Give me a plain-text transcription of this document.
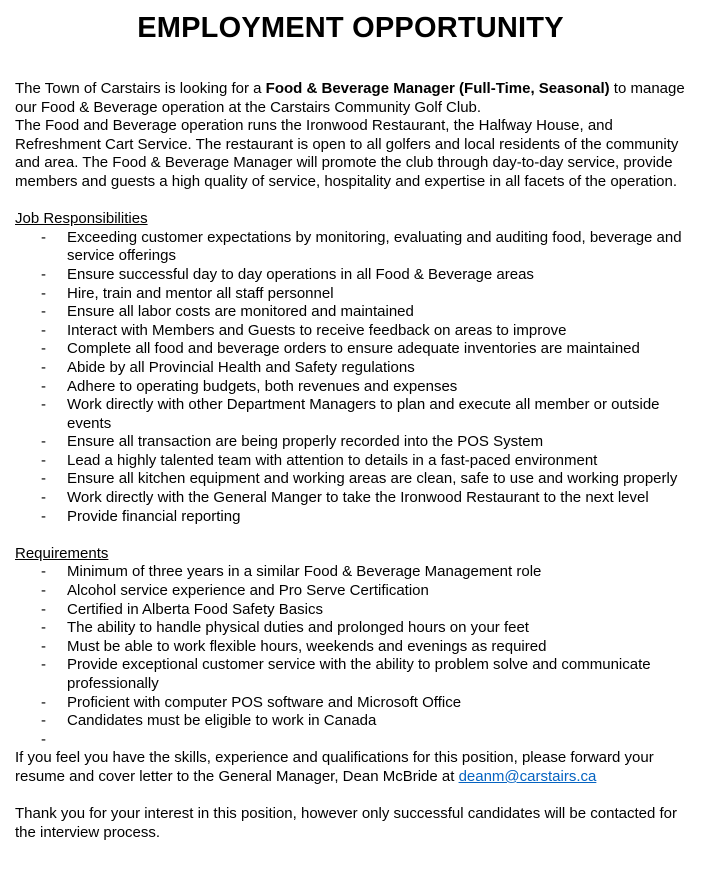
EMPLOYMENT OPPORTUNITY

The Town of Carstairs is looking for a Food & Beverage Manager (Full-Time, Seasonal) to manage our Food & Beverage operation at the Carstairs Community Golf Club.

The Food and Beverage operation runs the Ironwood Restaurant, the Halfway House, and Refreshment Cart Service. The restaurant is open to all golfers and local residents of the community and area. The Food & Beverage Manager will promote the club through day-to-day service, provide members and guests a high quality of service, hospitality and expertise in all facets of the operation.

Job Responsibilities
- Exceeding customer expectations by monitoring, evaluating and auditing food, beverage and service offerings
- Ensure successful day to day operations in all Food & Beverage areas
- Hire, train and mentor all staff personnel
- Ensure all labor costs are monitored and maintained
- Interact with Members and Guests to receive feedback on areas to improve
- Complete all food and beverage orders to ensure adequate inventories are maintained
- Abide by all Provincial Health and Safety regulations
- Adhere to operating budgets, both revenues and expenses
- Work directly with other Department Managers to plan and execute all member or outside events
- Ensure all transaction are being properly recorded into the POS System
- Lead a highly talented team with attention to details in a fast-paced environment
- Ensure all kitchen equipment and working areas are clean, safe to use and working properly
- Work directly with the General Manger to take the Ironwood Restaurant to the next level
- Provide financial reporting
Requirements
- Minimum of three years in a similar Food & Beverage Management role
- Alcohol service experience and Pro Serve Certification
- Certified in Alberta Food Safety Basics
- The ability to handle physical duties and prolonged hours on your feet
- Must be able to work flexible hours, weekends and evenings as required
- Provide exceptional customer service with the ability to problem solve and communicate professionally
- Proficient with computer POS software and Microsoft Office
- Candidates must be eligible to work in Canada
-

If you feel you have the skills, experience and qualifications for this position, please forward your resume and cover letter to the General Manager, Dean McBride at deanm@carstairs.ca

Thank you for your interest in this position, however only successful candidates will be contacted for the interview process.
